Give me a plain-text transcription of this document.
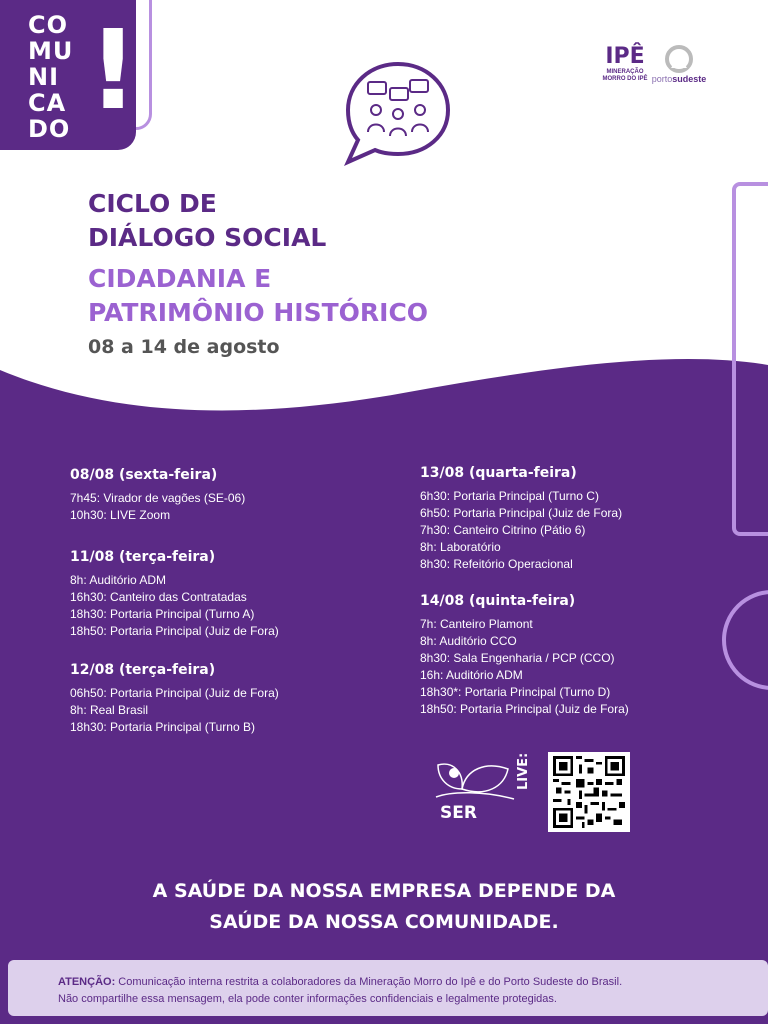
CO
MU
NI
CA
DO !	IPÊ
MINERAÇÃO
MORRO DO IPÊ portosudeste
CICLO DE
DIÁLOGO SOCIAL
CIDADANIA E
PATRIMÔNIO HISTÓRICO
08 a 14 de agosto
08/08 (sexta-feira)
7h45: Virador de vagões (SE-06)
10h30: LIVE Zoom
11/08 (terça-feira)
8h: Auditório ADM
16h30: Canteiro das Contratadas
18h30: Portaria Principal (Turno A)
18h50: Portaria Principal (Juiz de Fora)
12/08 (terça-feira)
06h50: Portaria Principal (Juiz de Fora)
8h: Real Brasil
18h30: Portaria Principal (Turno B)
13/08 (quarta-feira)
6h30: Portaria Principal (Turno C)
6h50: Portaria Principal (Juiz de Fora)
7h30: Canteiro Citrino (Pátio 6)
8h: Laboratório
8h30: Refeitório Operacional
14/08 (quinta-feira)
7h: Canteiro Plamont
8h: Auditório CCO
8h30: Sala Engenharia / PCP (CCO)
16h: Auditório ADM
18h30*: Portaria Principal (Turno D)
18h50: Portaria Principal (Juiz de Fora)
SER
LIVE:
A SAÚDE DA NOSSA EMPRESA DEPENDE DA
SAÚDE DA NOSSA COMUNIDADE.
ATENÇÃO: Comunicação interna restrita a colaboradores da Mineração Morro do Ipê e do Porto Sudeste do Brasil.
Não compartilhe essa mensagem, ela pode conter informações confidenciais e legalmente protegidas.
